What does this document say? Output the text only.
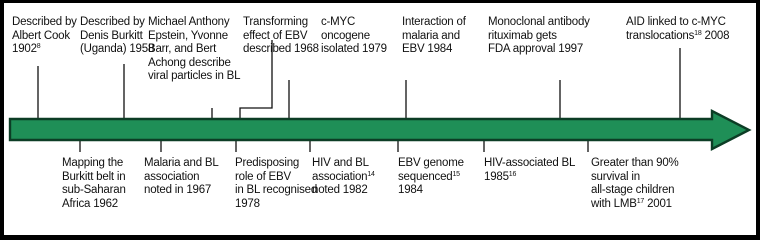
Described by
Albert Cook
1902$^8$
Described by
Denis Burkitt
(Uganda) 1958
Michael Anthony
Epstein, Yvonne
Barr, and Bert
Achong describe
viral particles in BL
Transforming
effect of EBV
described 1968
c-MYC
oncogene
isolated 1979
Interaction of
malaria and
EBV 1984
Monoclonal antibody
rituximab gets
FDA approval 1997
AID linked to c-MYC
translocations$^{18}$ 2008
Mapping the
Burkitt belt in
sub-Saharan
Africa 1962
Malaria and BL
association
noted in 1967
Predisposing
role of EBV
in BL recognised
1978
HIV and BL
association$^{14}$
noted 1982
EBV genome
sequenced$^{15}$
1984
HIV-associated BL
1985$^{16}$
Greater than 90%
survival in
all-stage children
with LMB$^{17}$ 2001
